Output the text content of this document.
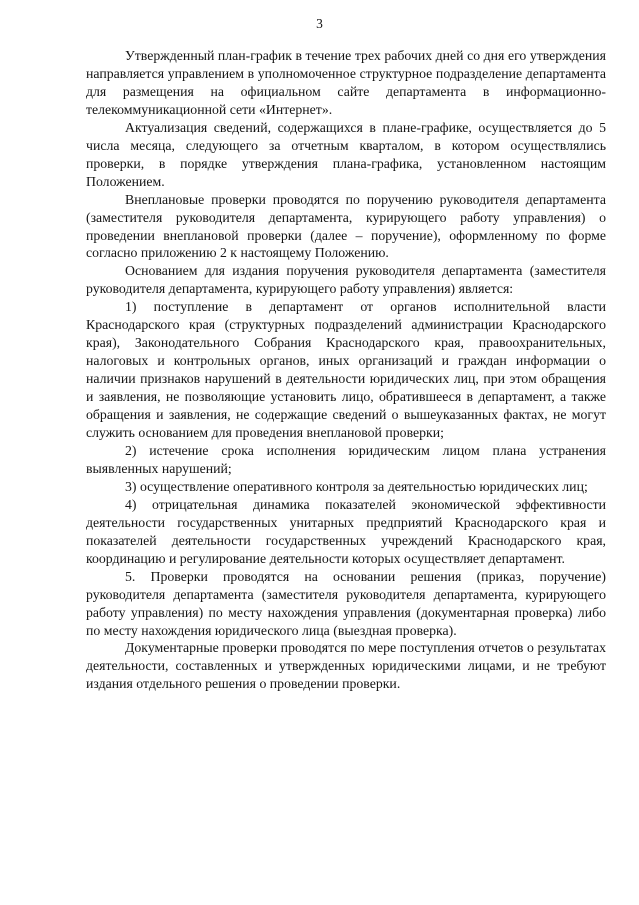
3

Утвержденный план-график в течение трех рабочих дней со дня его утверждения направляется управлением в уполномоченное структурное подразделение департамента для размещения на официальном сайте департамента в информационно-телекоммуникационной сети «Интернет».

Актуализация сведений, содержащихся в плане-графике, осуществляется до 5 числа месяца, следующего за отчетным кварталом, в котором осуществлялись проверки, в порядке утверждения плана-графика, установленном настоящим Положением.

Внеплановые проверки проводятся по поручению руководителя департамента (заместителя руководителя департамента, курирующего работу управления) о проведении внеплановой проверки (далее – поручение), оформленному по форме согласно приложению 2 к настоящему Положению.

Основанием для издания поручения руководителя департамента (заместителя руководителя департамента, курирующего работу управления) является:

1) поступление в департамент от органов исполнительной власти Краснодарского края (структурных подразделений администрации Краснодарского края), Законодательного Собрания Краснодарского края, правоохранительных, налоговых и контрольных органов, иных организаций и граждан информации о наличии признаков нарушений в деятельности юридических лиц, при этом обращения и заявления, не позволяющие установить лицо, обратившееся в департамент, а также обращения и заявления, не содержащие сведений о вышеуказанных фактах, не могут служить основанием для проведения внеплановой проверки;

2) истечение срока исполнения юридическим лицом плана устранения выявленных нарушений;

3) осуществление оперативного контроля за деятельностью юридических лиц;

4) отрицательная динамика показателей экономической эффективности деятельности государственных унитарных предприятий Краснодарского края и показателей деятельности государственных учреждений Краснодарского края, координацию и регулирование деятельности которых осуществляет департамент.

5. Проверки проводятся на основании решения (приказ, поручение) руководителя департамента (заместителя руководителя департамента, курирующего работу управления) по месту нахождения управления (документарная проверка) либо по месту нахождения юридического лица (выездная проверка).

Документарные проверки проводятся по мере поступления отчетов о результатах деятельности, составленных и утвержденных юридическими лицами, и не требуют издания отдельного решения о проведении проверки.
